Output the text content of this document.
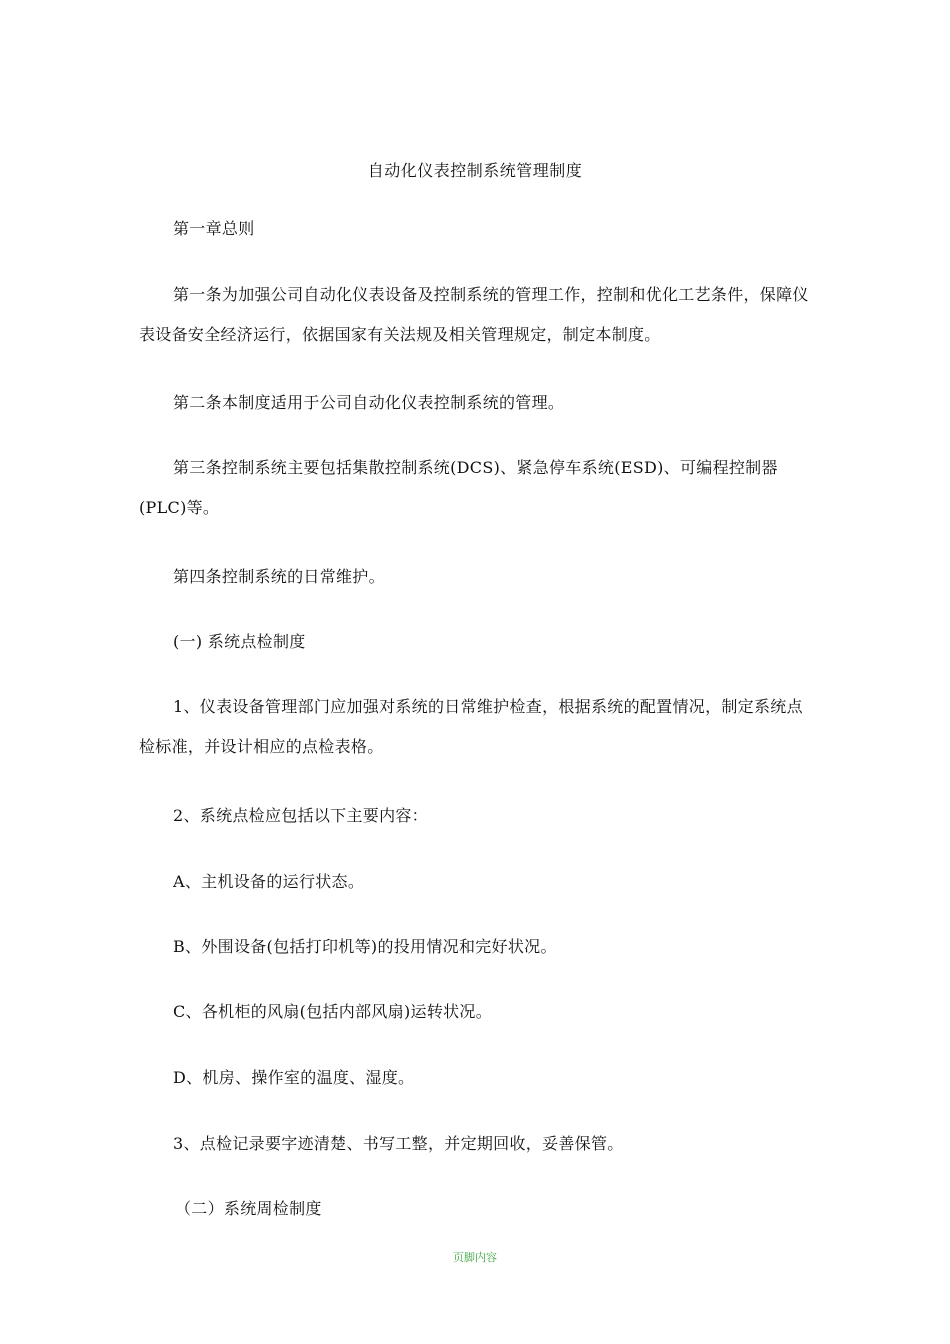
自动化仪表控制系统管理制度
第一章总则
第一条为加强公司自动化仪表设备及控制系统的管理工作，控制和优化工艺条件，保障仪表设备安全经济运行，依据国家有关法规及相关管理规定，制定本制度。
第二条本制度适用于公司自动化仪表控制系统的管理。
第三条控制系统主要包括集散控制系统(DCS)、紧急停车系统(ESD)、可编程控制器(PLC)等。
第四条控制系统的日常维护。
(一) 系统点检制度
1、仪表设备管理部门应加强对系统的日常维护检查，根据系统的配置情况，制定系统点检标准，并设计相应的点检表格。
2、系统点检应包括以下主要内容：
A、主机设备的运行状态。
B、外围设备(包括打印机等)的投用情况和完好状况。
C、各机柜的风扇(包括内部风扇)运转状况。
D、机房、操作室的温度、湿度。
3、点检记录要字迹清楚、书写工整，并定期回收，妥善保管。
（二）系统周检制度
页脚内容
